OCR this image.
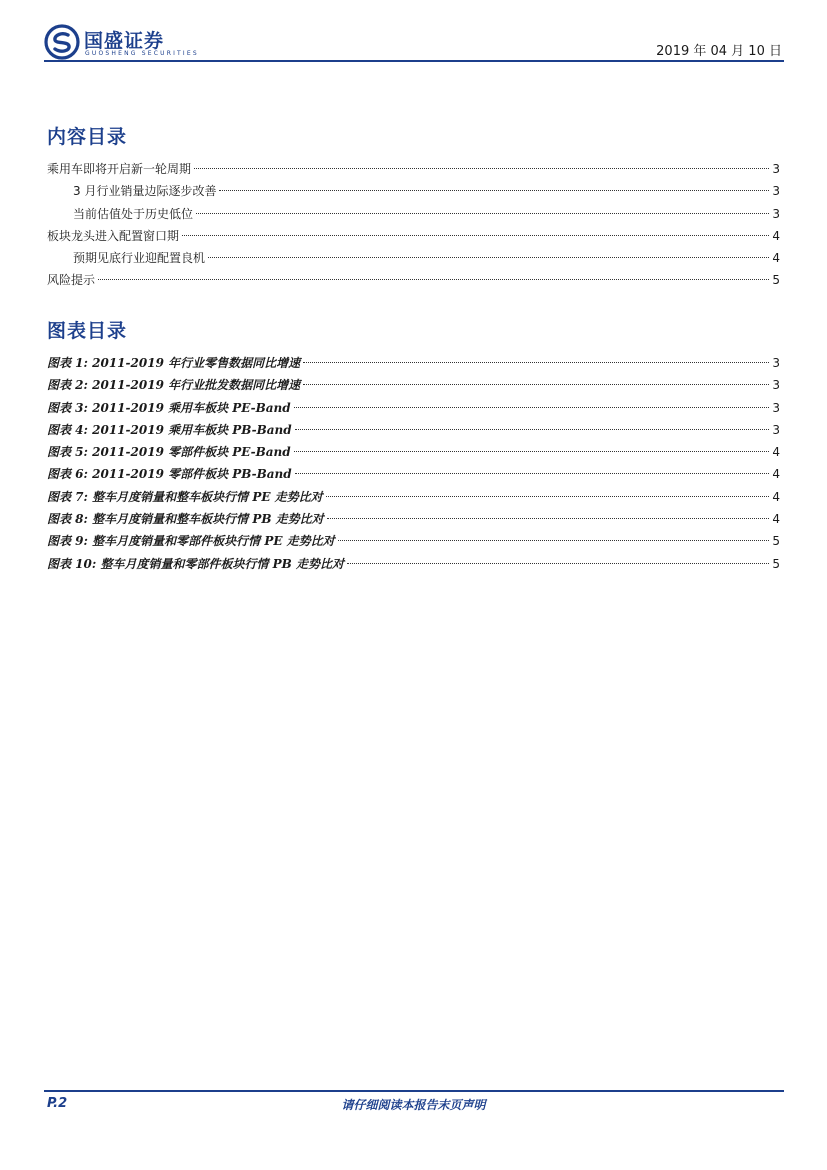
国盛证券
GUOSHENG SECURITIES	2019 年 04 月 10 日
内容目录
乘用车即将开启新一轮周期	3
3 月行业销量边际逐步改善	3
当前估值处于历史低位	3
板块龙头进入配置窗口期	4
预期见底行业迎配置良机	4
风险提示	5
图表目录
图表 1: 2011-2019 年行业零售数据同比增速	3
图表 2: 2011-2019 年行业批发数据同比增速	3
图表 3: 2011-2019 乘用车板块 PE-Band	3
图表 4: 2011-2019 乘用车板块 PB-Band	3
图表 5: 2011-2019 零部件板块 PE-Band	4
图表 6: 2011-2019 零部件板块 PB-Band	4
图表 7: 整车月度销量和整车板块行情 PE 走势比对	4
图表 8: 整车月度销量和整车板块行情 PB 走势比对	4
图表 9: 整车月度销量和零部件板块行情 PE 走势比对	5
图表 10: 整车月度销量和零部件板块行情 PB 走势比对	5
P.2	请仔细阅读本报告末页声明
